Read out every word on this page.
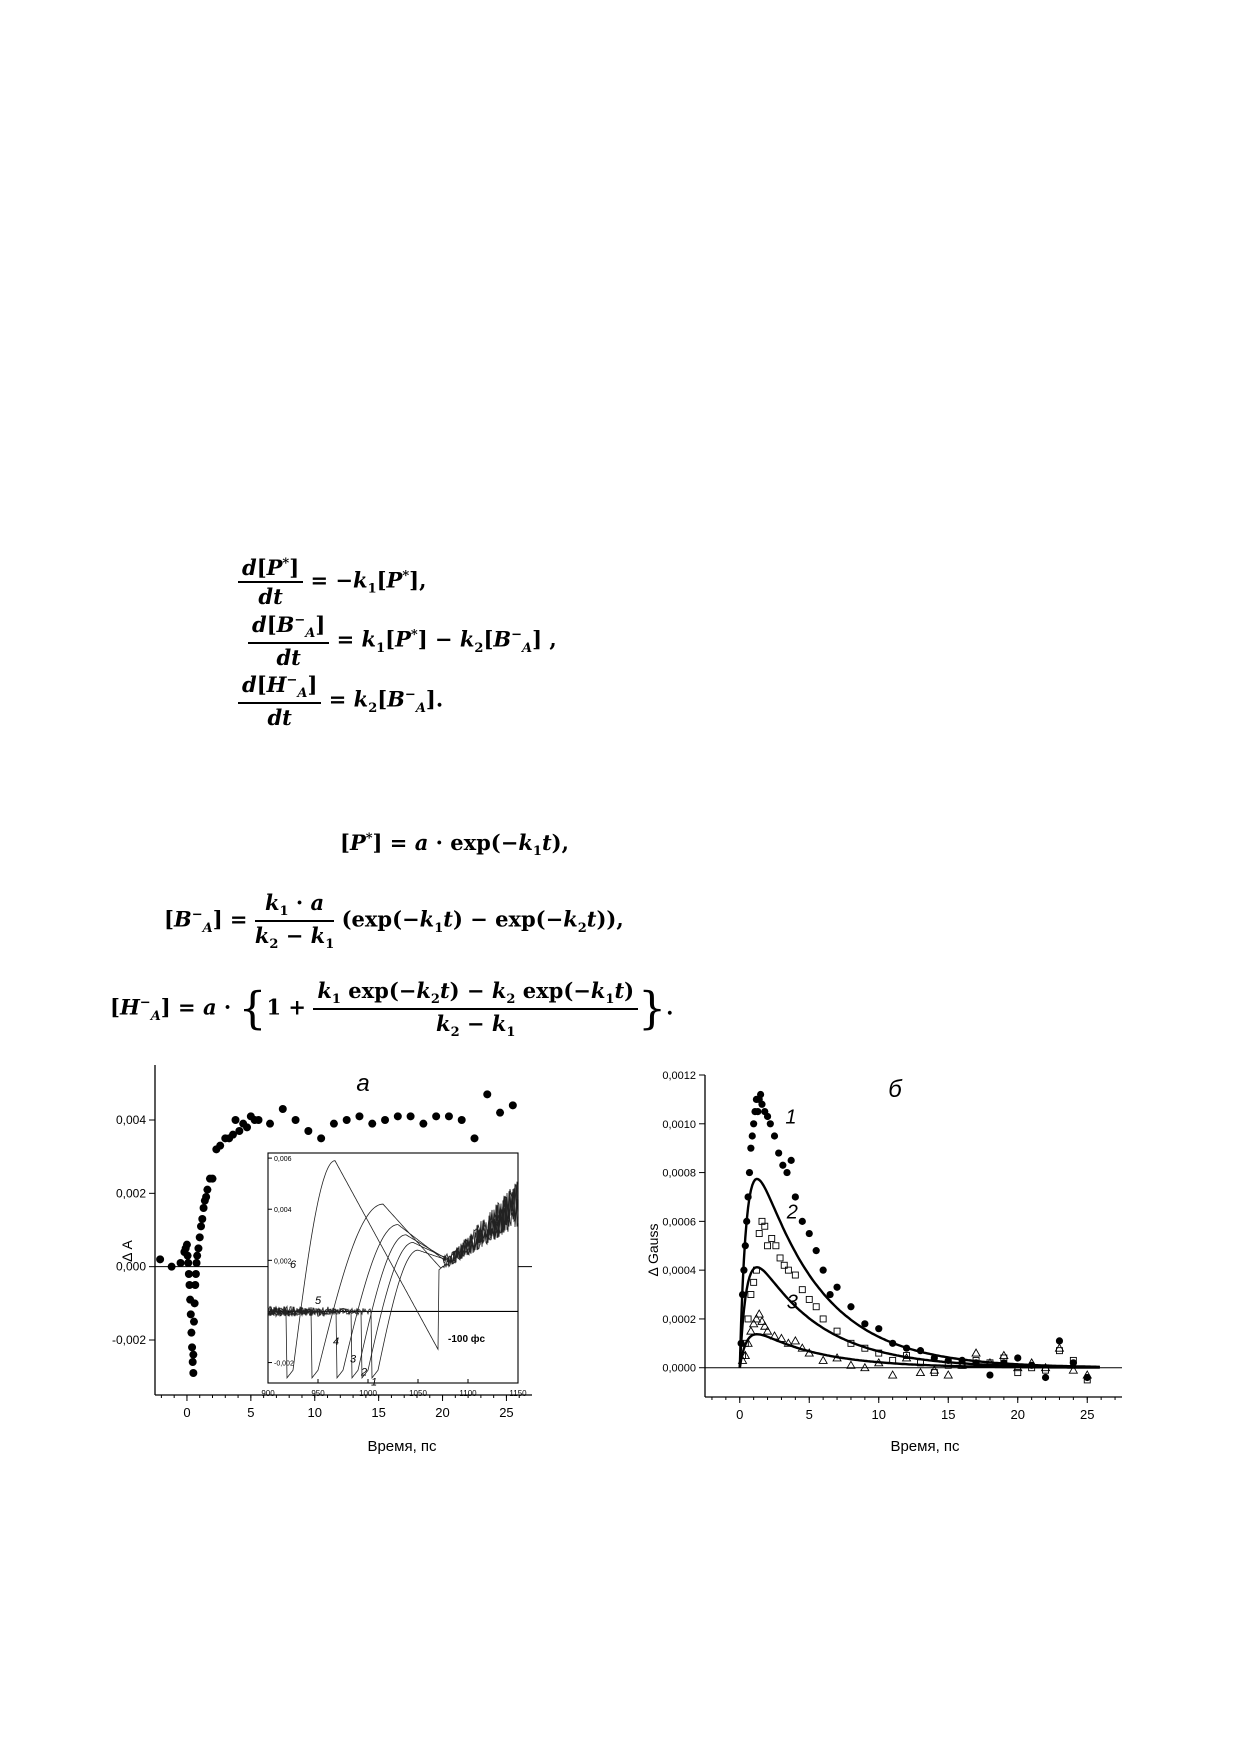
$\frac{d[P^*]}{dt} = -k_1[P^*]$,
$\frac{d[B^-_A]}{dt} = k_1[P^*] - k_2[B^-_A]$ ,
$\frac{d[H^-_A]}{dt} = k_2[B^-_A]$.
$[P^*] = a \cdot \exp(-k_1t)$,
$[B^-_A] = \frac{k_1 \cdot a}{k_2 - k_1} (\exp(-k_1t) - \exp(-k_2t))$,
$[H^-_A] = a \cdot \{1 + \frac{k_1 \exp(-k_2t) - k_2 \exp(-k_1t)}{k_2 - k_1}$ }.
а
0	5	10	15	20	25
-0,002
0,000
0,002
0,004
900	950	1000	1050	1100	1150
-0,002
0,000
0,002
0,004
0,006
1
2
3
4
5
6
-100 фс
Время, пс
Δ A
б
0	5	10	15	20	25
0,0000
0,0002
0,0004
0,0006
0,0008
0,0010
0,0012
1
2
3
Время, пс
Δ Gauss
